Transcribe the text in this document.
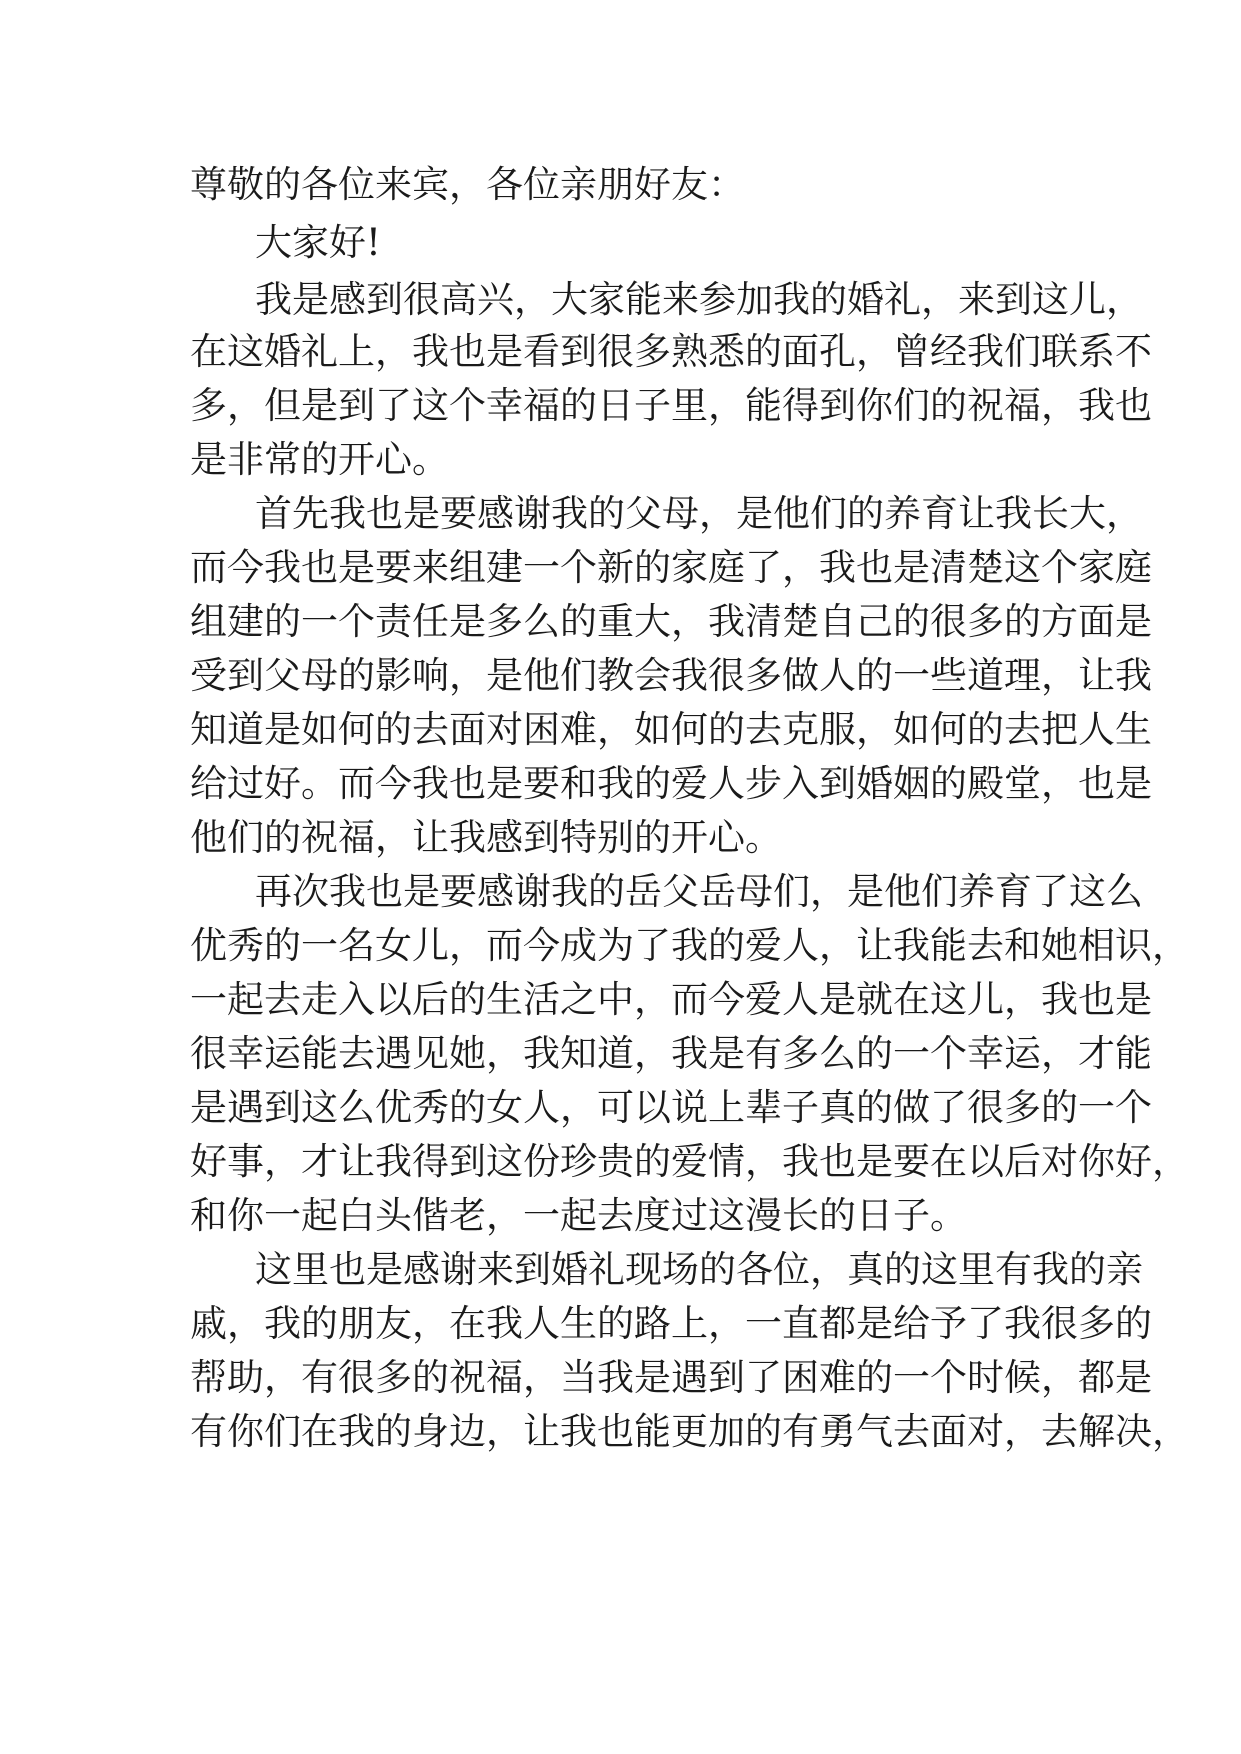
尊敬的各位来宾，各位亲朋好友：
大家好!
我是感到很高兴，大家能来参加我的婚礼，来到这儿，
在这婚礼上，我也是看到很多熟悉的面孔，曾经我们联系不
多，但是到了这个幸福的日子里，能得到你们的祝福，我也
是非常的开心。
首先我也是要感谢我的父母，是他们的养育让我长大，
而今我也是要来组建一个新的家庭了，我也是清楚这个家庭
组建的一个责任是多么的重大，我清楚自己的很多的方面是
受到父母的影响，是他们教会我很多做人的一些道理，让我
知道是如何的去面对困难，如何的去克服，如何的去把人生
给过好。而今我也是要和我的爱人步入到婚姻的殿堂，也是
他们的祝福，让我感到特别的开心。
再次我也是要感谢我的岳父岳母们，是他们养育了这么
优秀的一名女儿，而今成为了我的爱人，让我能去和她相识，
一起去走入以后的生活之中，而今爱人是就在这儿，我也是
很幸运能去遇见她，我知道，我是有多么的一个幸运，才能
是遇到这么优秀的女人，可以说上辈子真的做了很多的一个
好事，才让我得到这份珍贵的爱情，我也是要在以后对你好，
和你一起白头偕老，一起去度过这漫长的日子。
这里也是感谢来到婚礼现场的各位，真的这里有我的亲
戚，我的朋友，在我人生的路上，一直都是给予了我很多的
帮助，有很多的祝福，当我是遇到了困难的一个时候，都是
有你们在我的身边，让我也能更加的有勇气去面对，去解决，
